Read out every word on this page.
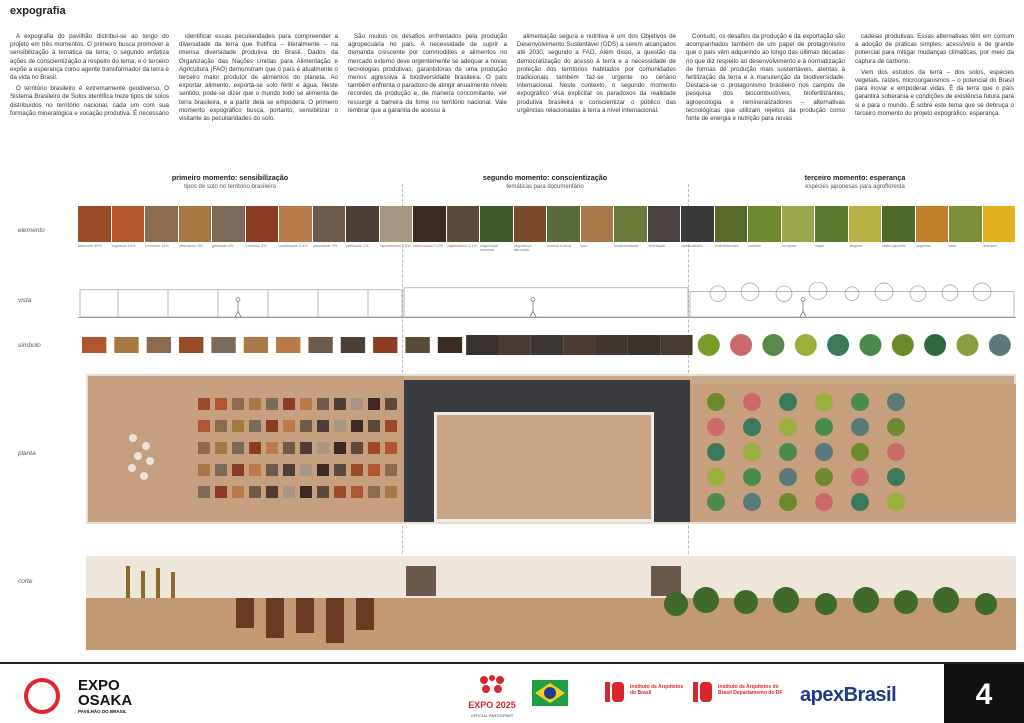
expografia

A expografia do pavilhão distribui-se ao longo do projeto em três momentos. O primeiro busca promover a sensibilização à temática da terra; o segundo enfatiza ações de conscientização a respeito do tema; e o terceiro expõe a esperança como agente transformador da terra e da vida no Brasil.

O território brasileiro é extremamente geodiverso. O Sistema Brasileiro de Solos identifica treze tipos de solos distribuídos no território nacional, cada um com sua formação mineralógica e vocação produtiva. É necessário

identificar essas peculiaridades para compreender a diversidade da terra que frutifica – literalmente – na imensa diversidade produtiva do Brasil. Dados da Organização das Nações Unidas para Alimentação e Agricultura (FAO) demonstram que o país é atualmente o terceiro maior produtor de alimentos do planeta. Ao exportar alimento, exporta-se solo fértil e água. Neste sentido, pode-se dizer que o mundo todo se alimenta de terra brasileira, e a partir dela se empodera. O primeiro momento expográfico busca, portanto, sensibilizar o visitante às peculiaridades do solo.

São muitos os desafios enfrentados pela produção agropecuária no país. A necessidade de suprir a demanda crescente por commodities e alimentos no mercado externo deve urgentemente se adequar a novas tecnologias produtivas, garantidoras de uma produção menos agressiva à biodiversidade brasileira. O país também enfrenta o paradoxo de atingir anualmente níveis recordes de produção e, de maneira concomitante, ver ressurgir a barreira da fome no território nacional. Vale lembrar que a garantia de acesso à

alimentação segura e nutritiva é um dos Objetivos de Desenvolvimento Sustentável (ODS) a serem alcançados até 2030, segundo a FAO. Além disso, a questão da democratização do acesso à terra e a necessidade de proteção dos territórios habitados por comunidades tradicionais também faz-se urgente no cenário internacional. Neste contexto, o segundo momento expográfico visa explicitar os paradoxos da realidade produtiva brasileira e conscientizar o público das urgências relacionadas à terra a nível internacional.

Contudo, os desafios da produção e da exportação são acompanhados também de um papel de protagonismo que o país vêm adquirindo ao longo das últimas décadas no que diz respeito ao desenvolvimento e à normatização de formas de produção mais sustentáveis, atentas à fertilização da terra e à manutenção da biodiversidade. Destaca-se o protagonismo brasileiro nos campos de pesquisa dos biocombustíveis, biofertilizantes, agroecologia e remineralizadores – alternativas tecnológicas que utilizam rejeitos da produção como fonte de energia e nutrição para novas

cadeias produtivas. Essas alternativas têm em comum a adoção de práticas simples, acessíveis e de grande potencial para mitigar mudanças climáticas, por meio da captura de carbono.

Vem dos estudos da terra – dos solos, espécies vegetais, raízes, microorganismos – o potencial do Brasil para inovar e empoderar vidas. É da terra que o país garantirá soberania e condições de existência futura para si e para o mundo. É sobre este tema que se debruça o terceiro momento do projeto expográfico: esperança.

primeiro momento: sensibilização
tipos de solo no território brasileiro
segundo momento: conscientização
temáticas para documentário
terceiro momento: esperança
espécies japonesas para agrofloresta
elemento
vista
símbolo
planta
corte
latossolo 39%	argissolo 24%	neossolo 14%	plintossolo 5%	gleissolo 4%	luvissolo 3%	cambissolo 2,4%	planossolo 2%	vertissolo 2%	espodossolo 1,5% chernossolo 0,2% organossolo 0,1% segurança nacional
segurança alimentar
acesso à terra	solo	biodiversidade	mineração	combustíveis	biofertilizantes	bokashi	cerejeira	caqui	nêspera	cedro japonês	nogueira	ume	dekopon
EXPO
OSAKA
PAVILHÃO DO BRASIL
EXPO 2025
OFFICIAL PARTICIPANT
Instituto de Arquitetos do Brasil
Instituto de Arquitetos do Brasil Departamento do DF apexBrasil	4
